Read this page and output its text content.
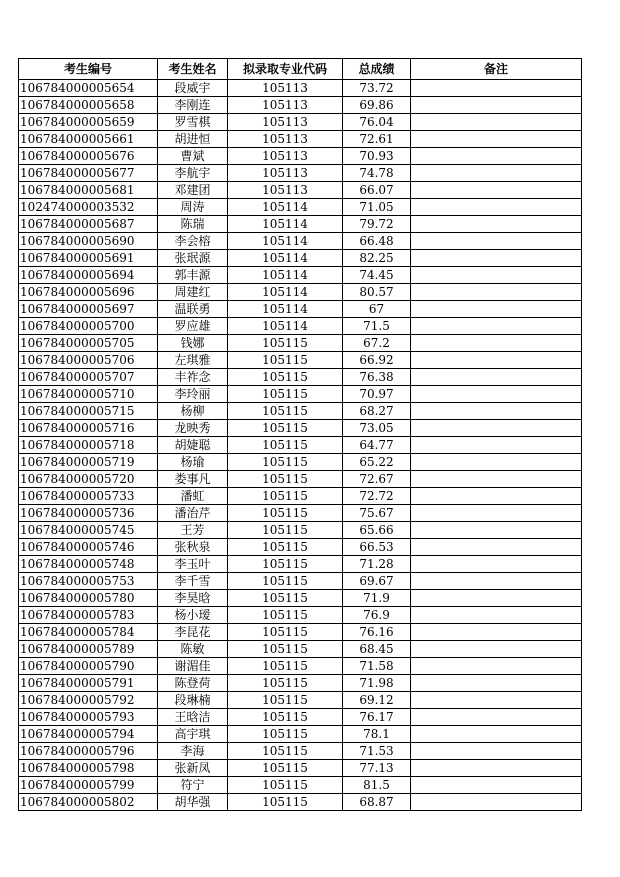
考生编号	考生姓名	拟录取专业代码	总成绩	备注
106784000005654	段威宇	105113	73.72	
106784000005658	李刚连	105113	69.86	
106784000005659	罗雪棋	105113	76.04	
106784000005661	胡进恒	105113	72.61	
106784000005676	曹斌	105113	70.93	
106784000005677	李航宇	105113	74.78	
106784000005681	邓建团	105113	66.07	
102474000003532	周涛	105114	71.05	
106784000005687	陈瑞	105114	79.72	
106784000005690	李会榕	105114	66.48	
106784000005691	张珉源	105114	82.25	
106784000005694	郭丰源	105114	74.45	
106784000005696	周建红	105114	80.57	
106784000005697	温联勇	105114	67	
106784000005700	罗应雄	105114	71.5	
106784000005705	钱娜	105115	67.2	
106784000005706	左琪雅	105115	66.92	
106784000005707	丰祚念	105115	76.38	
106784000005710	李玲丽	105115	70.97	
106784000005715	杨柳	105115	68.27	
106784000005716	龙映秀	105115	73.05	
106784000005718	胡婕聪	105115	64.77	
106784000005719	杨瑜	105115	65.22	
106784000005720	娄事凡	105115	72.67	
106784000005733	潘虹	105115	72.72	
106784000005736	潘治芹	105115	75.67	
106784000005745	王芳	105115	65.66	
106784000005746	张秋泉	105115	66.53	
106784000005748	李玉叶	105115	71.28	
106784000005753	李千雪	105115	69.67	
106784000005780	李昊晗	105115	71.9	
106784000005783	杨小瑷	105115	76.9	
106784000005784	李昆花	105115	76.16	
106784000005789	陈敏	105115	68.45	
106784000005790	谢湄佳	105115	71.58	
106784000005791	陈登荷	105115	71.98	
106784000005792	段琳楠	105115	69.12	
106784000005793	王晗洁	105115	76.17	
106784000005794	高宇琪	105115	78.1	
106784000005796	李海	105115	71.53	
106784000005798	张新凤	105115	77.13	
106784000005799	符宁	105115	81.5	
106784000005802	胡华强	105115	68.87	
